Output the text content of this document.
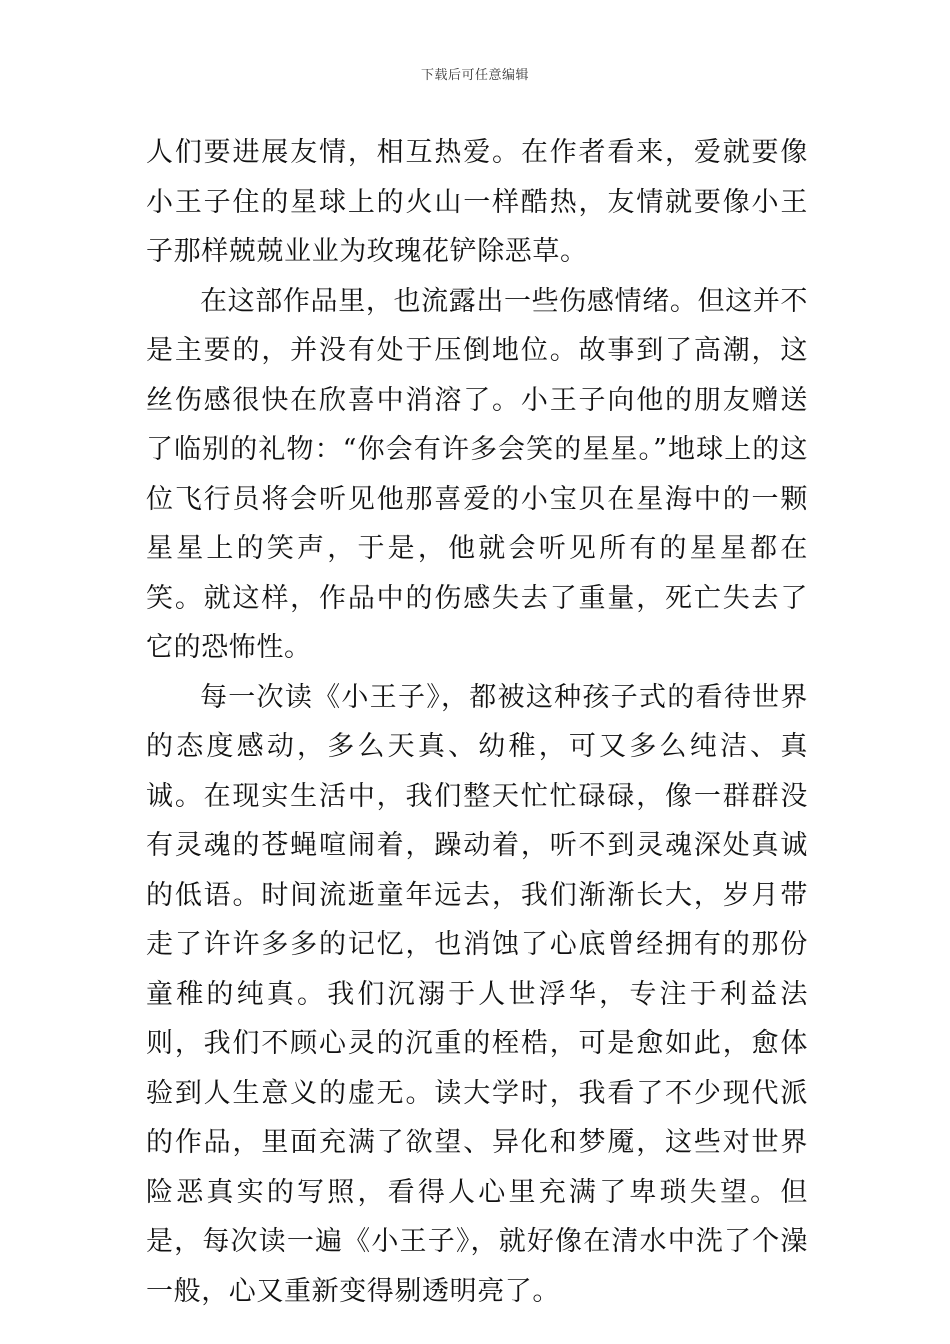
下载后可任意编辑

人们要进展友情，相互热爱。在作者看来，爱就要像小王子住的星球上的火山一样酷热，友情就要像小王子那样兢兢业业为玫瑰花铲除恶草。

在这部作品里，也流露出一些伤感情绪。但这并不是主要的，并没有处于压倒地位。故事到了高潮，这丝伤感很快在欣喜中消溶了。小王子向他的朋友赠送了临别的礼物：“你会有许多会笑的星星。”地球上的这位飞行员将会听见他那喜爱的小宝贝在星海中的一颗星星上的笑声，于是，他就会听见所有的星星都在笑。就这样，作品中的伤感失去了重量，死亡失去了它的恐怖性。

每一次读《小王子》，都被这种孩子式的看待世界的态度感动，多么天真、幼稚，可又多么纯洁、真诚。在现实生活中，我们整天忙忙碌碌，像一群群没有灵魂的苍蝇喧闹着，躁动着，听不到灵魂深处真诚的低语。时间流逝童年远去，我们渐渐长大，岁月带走了许许多多的记忆，也消蚀了心底曾经拥有的那份童稚的纯真。我们沉溺于人世浮华，专注于利益法则，我们不顾心灵的沉重的桎梏，可是愈如此，愈体验到人生意义的虚无。读大学时，我看了不少现代派的作品，里面充满了欲望、异化和梦魇，这些对世界险恶真实的写照，看得人心里充满了卑琐失望。但是，每次读一遍《小王子》，就好像在清水中洗了个澡一般，心又重新变得剔透明亮了。
